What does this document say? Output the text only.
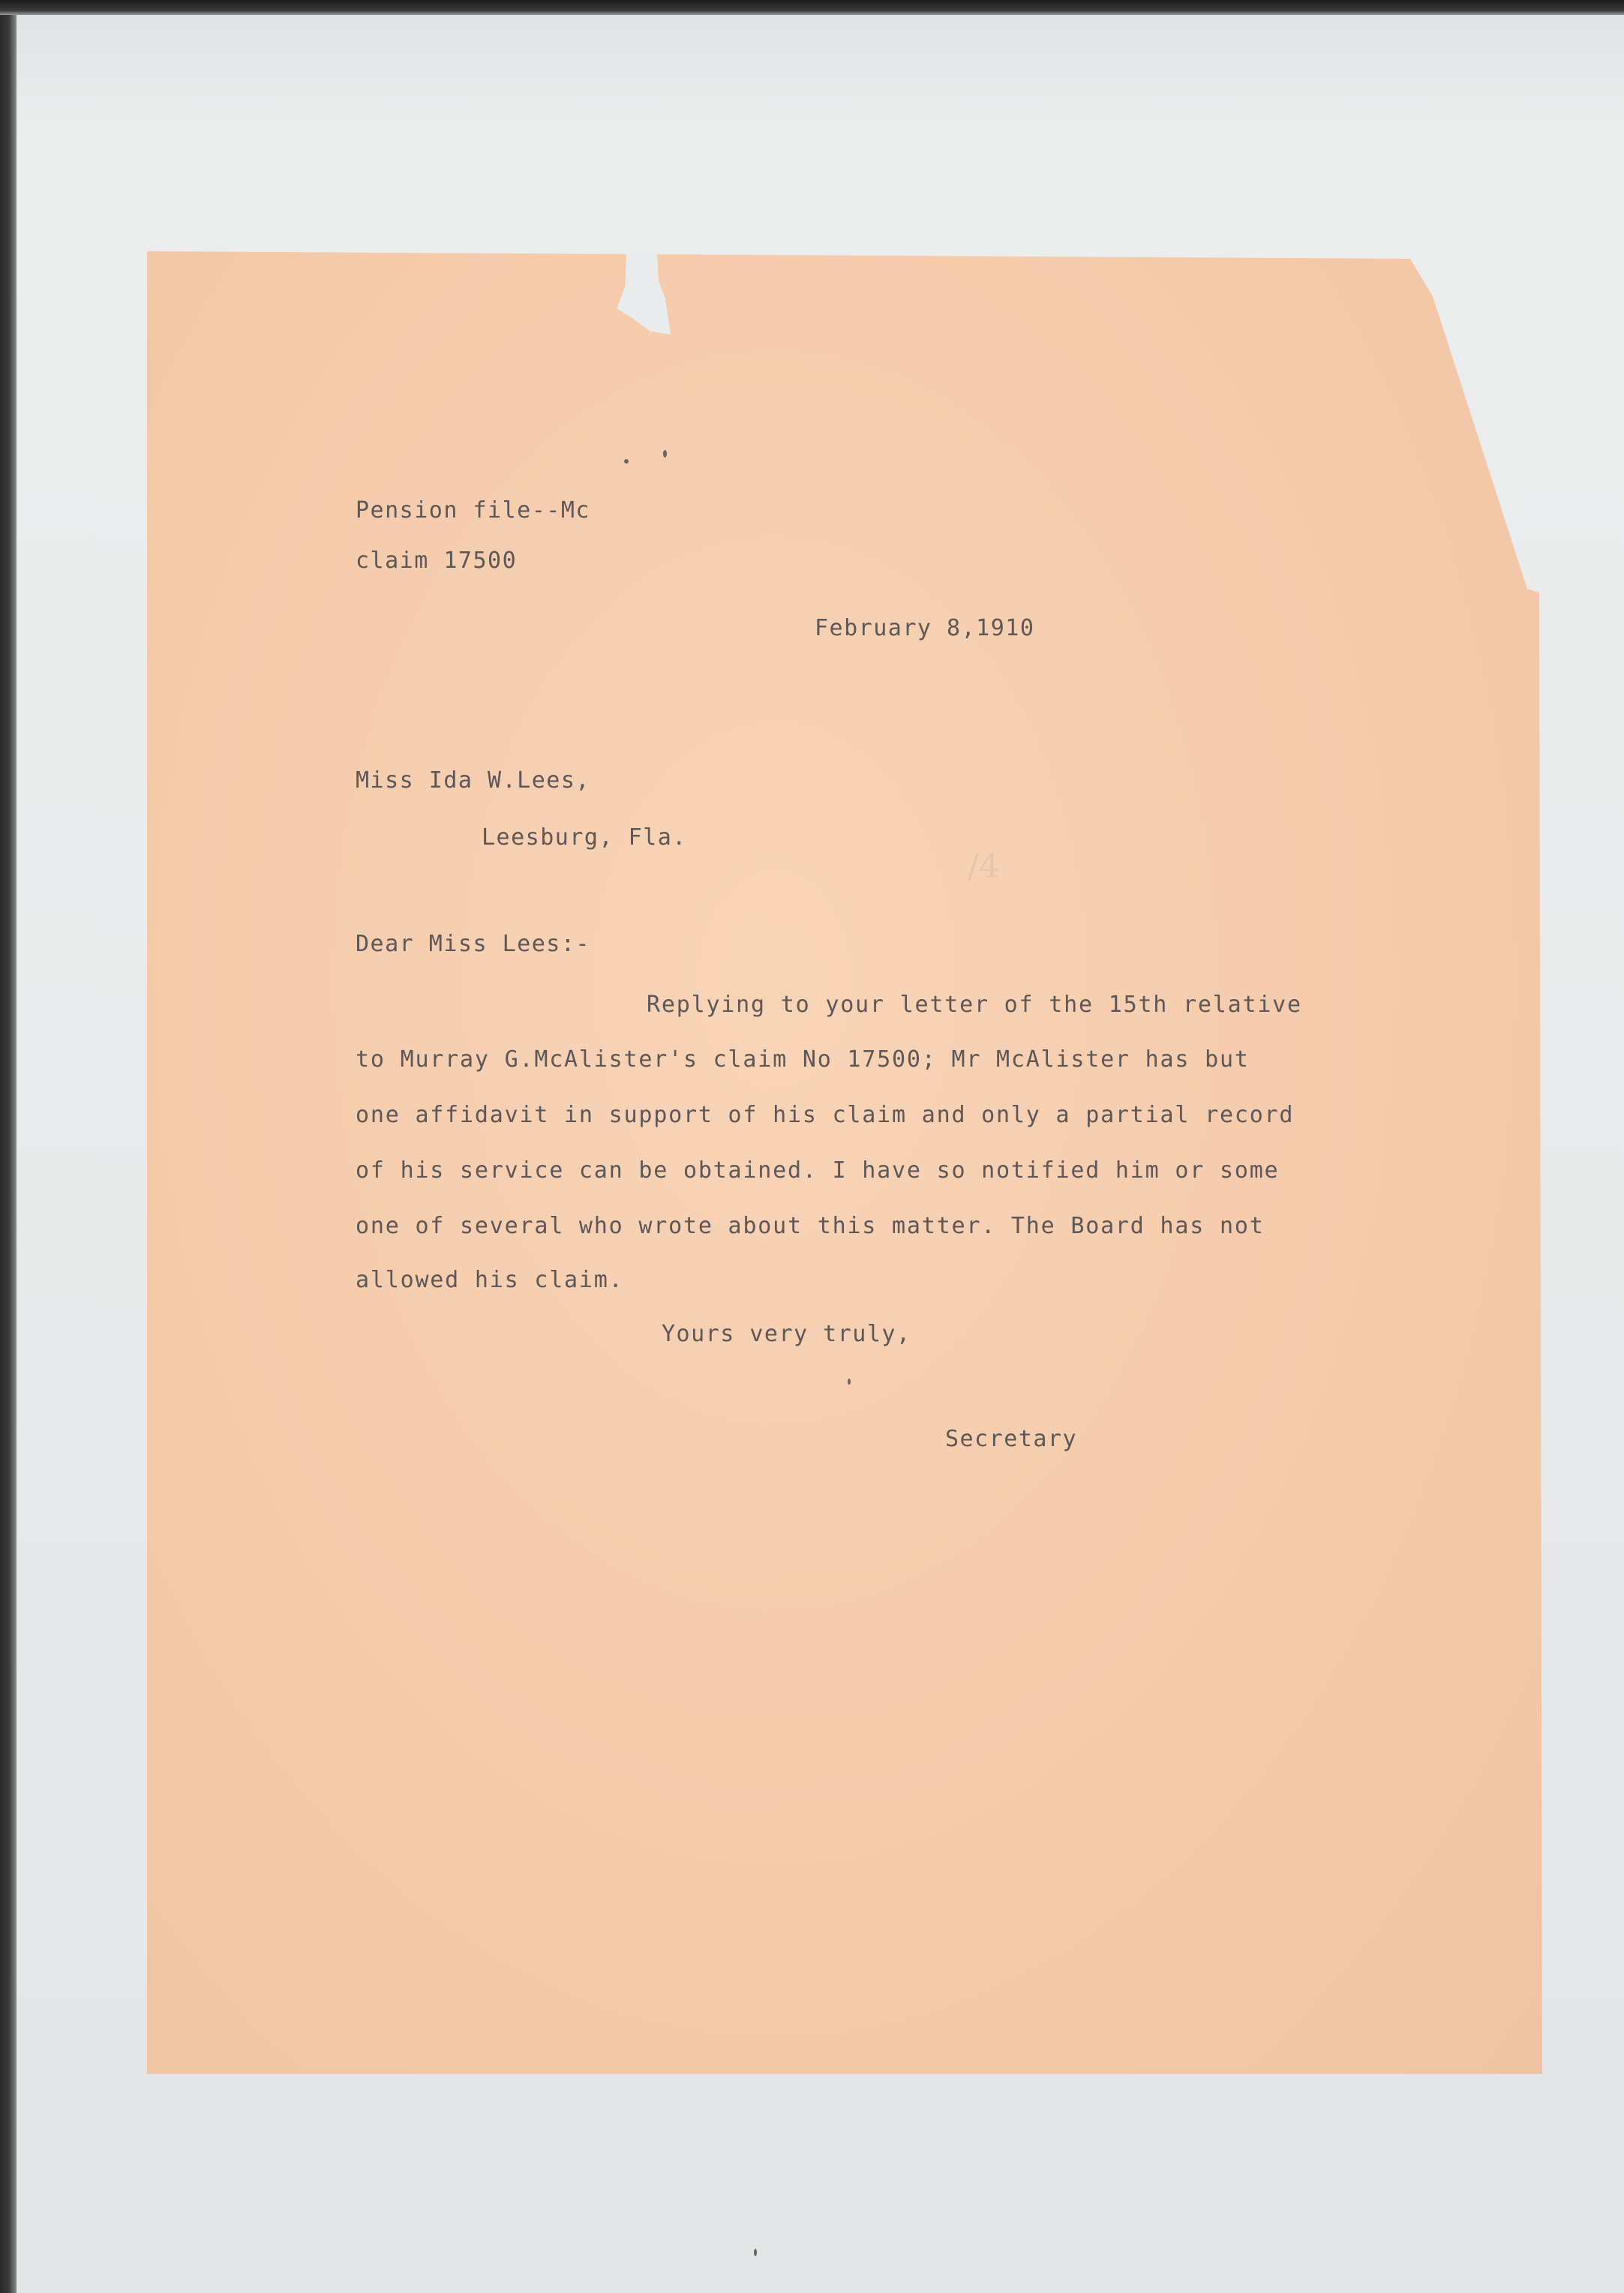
/4
Pension file--Mc
claim 17500
February 8,1910
Miss Ida W.Lees,
Leesburg, Fla.
Dear Miss Lees:-
Replying to your letter of the 15th relative
to Murray G.McAlister's claim No 17500; Mr McAlister has but
one affidavit in support of his claim and only a partial record
of his service can be obtained. I have so notified him or some
one of several who wrote about this matter. The Board has not
allowed his claim.
Yours very truly,
Secretary
